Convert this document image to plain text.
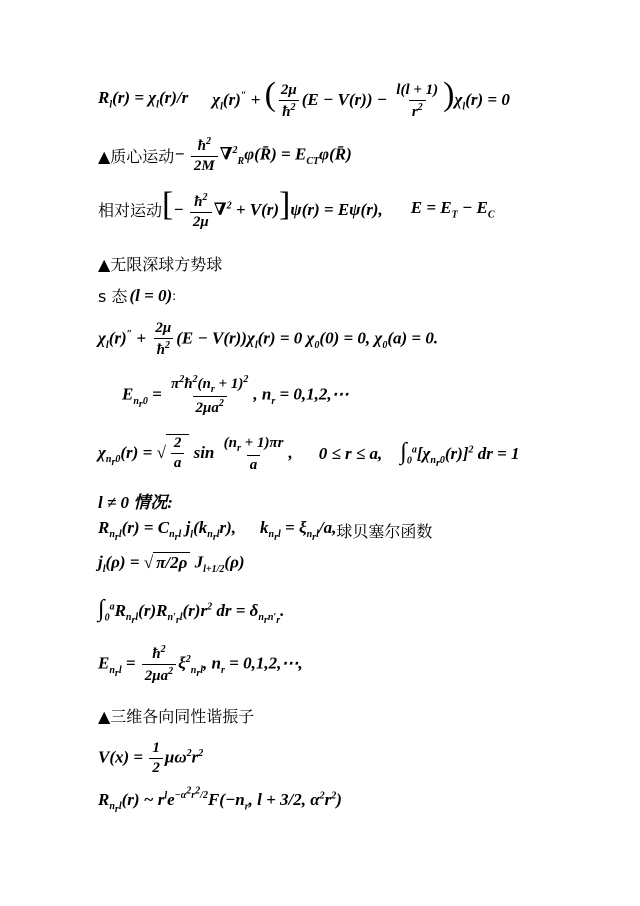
$R_l(r) = \chi_l(r)/r$ $\chi_l(r)''$ + ( $\frac{2\mu}{ħ^2} (E - V(r)) - \frac{l(l + 1)}{r^2} )\chi_l(r) = 0$
▲质心运动 − $\frac{ħ^2}{2M}$ ∇$^2_R$φ(R̄) = $E_{CT}\varphi(R̄)$
相对运动 [− $\frac{ħ^2}{2\mu} \nabla^2 + V(r)]\psi(r) = E\psi(r)$, $E = E_T - E_C$
▲无限深球方势球
s 态 (l = 0) :
$\chi_l(r)'' + \frac{2\mu}{ħ^2} (E - V(r))\chi_l(r) = 0$ $\chi_0(0) = 0$, $\chi_0(a) = 0$.
$E_{n_r0} = \frac{\pi^2ħ^2(n_r + 1)^2}{2\mu a^2}$ , $n_r$ = 0,1,2,⋯
$\chi_{n_r0}(r)$ = √ $\frac{2}{a}$ $\sin \frac{(n_r + 1)\pi r}{a}$ , 0 ≤ r ≤ a, $\int_0^a[\chi_{n_r0}(r)]^2$ dr = 1
l ≠ 0 情况:
$R_{n_rl}(r) = C_{n_rl}$ $j_l(k_{n_rl}r)$, $k_{n_rl} = \xi_{n_rl}/a$, 球贝塞尔函数
$j_l(\rho)$ = √ π/2ρ $J_{l+1/2}(\rho)$
$\int_0^aR_{n_rl}(r)R_{n'_rl}(r)r^2$ dr = $\delta_{n_rn'_r}$.
$E_{n_rl} = \frac{ħ^2}{2\mu a^2} \xi^2_{n_rl}$, $n_r$ = 0,1,2,⋯,
▲三维各向同性谐振子
$V(x) = \frac{1}{2} \mu\omega^2r^2$
$R_{n_rl}(r)$ ~ $r^le^{-\alpha^2r^2/2}F(-n_r$, l + 3/2, $\alpha^2r^2$)
